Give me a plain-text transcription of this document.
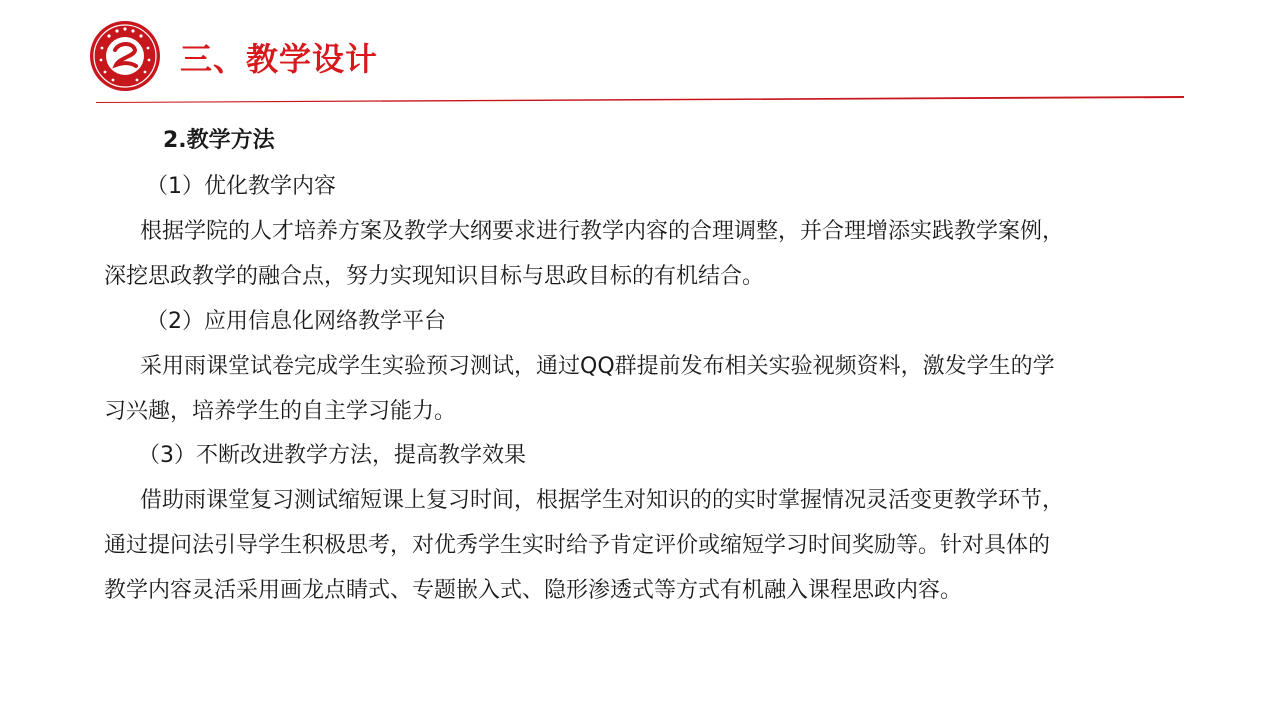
三、教学设计
2.教学方法
（1）优化教学内容
根据学院的人才培养方案及教学大纲要求进行教学内容的合理调整，并合理增添实践教学案例，
深挖思政教学的融合点，努力实现知识目标与思政目标的有机结合。
（2）应用信息化网络教学平台
采用雨课堂试卷完成学生实验预习测试，通过QQ群提前发布相关实验视频资料，激发学生的学
习兴趣，培养学生的自主学习能力。
（3）不断改进教学方法，提高教学效果
借助雨课堂复习测试缩短课上复习时间，根据学生对知识的的实时掌握情况灵活变更教学环节，
通过提问法引导学生积极思考，对优秀学生实时给予肯定评价或缩短学习时间奖励等。针对具体的
教学内容灵活采用画龙点睛式、专题嵌入式、隐形渗透式等方式有机融入课程思政内容。
